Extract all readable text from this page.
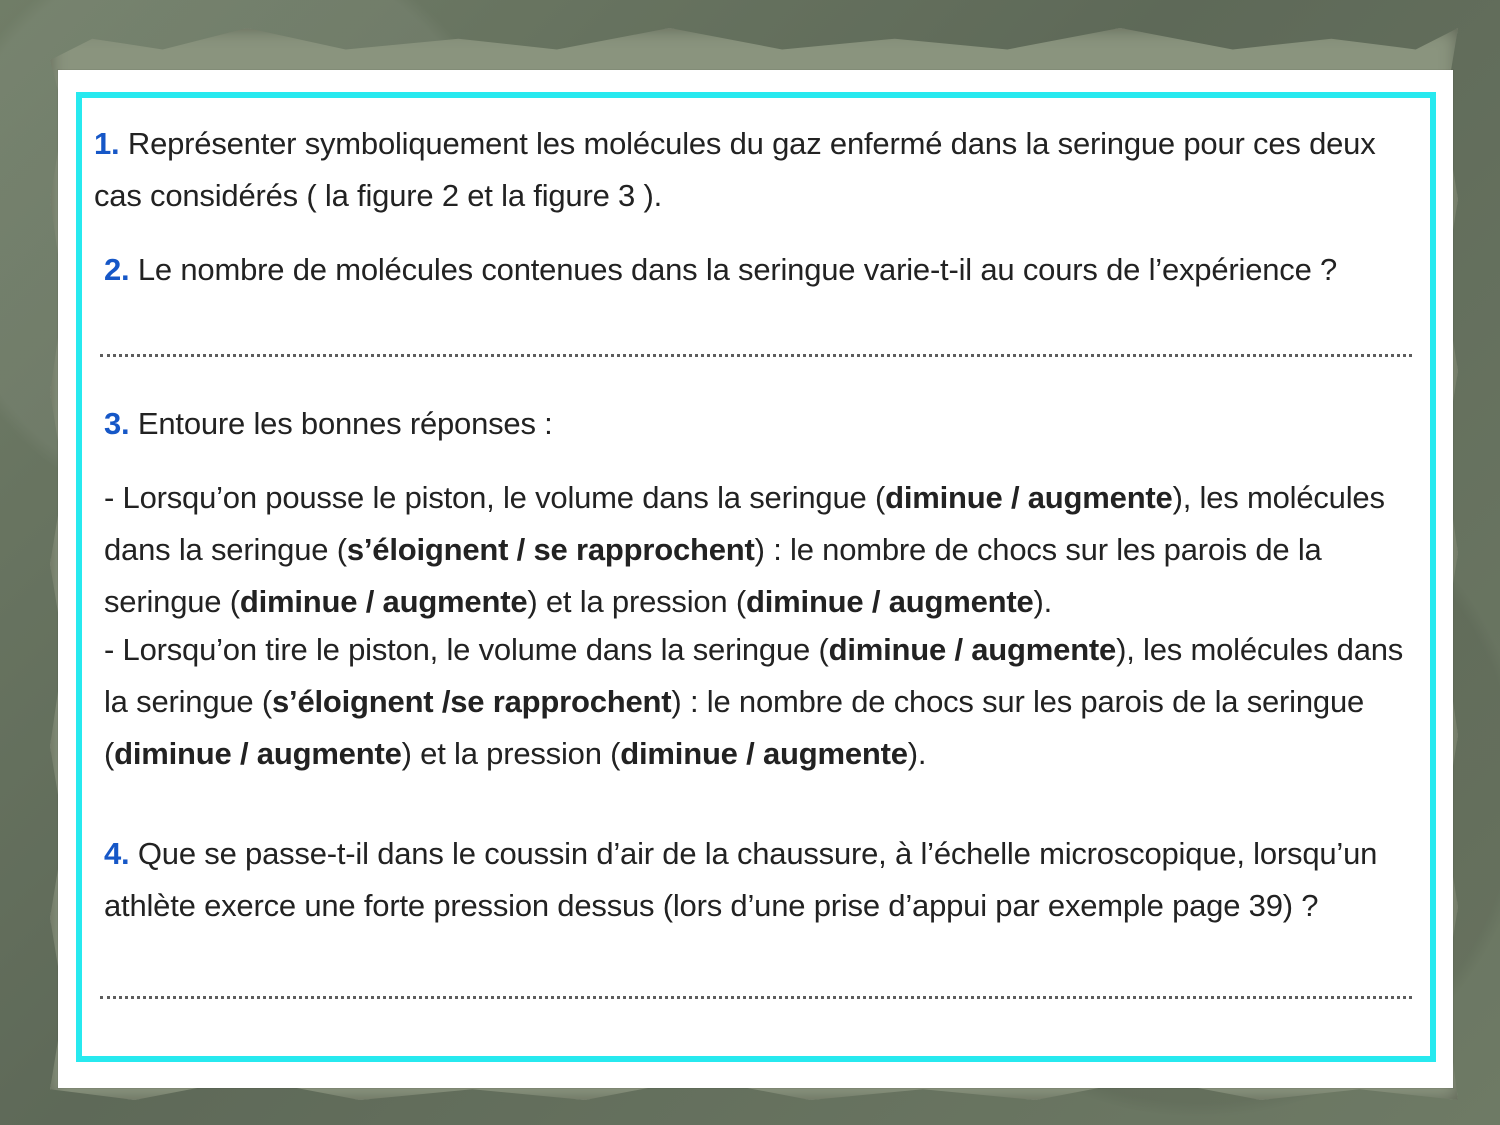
1. Représenter symboliquement les molécules du gaz enfermé dans la seringue pour ces deux
cas considérés ( la figure 2 et la figure 3 ).
2. Le nombre de molécules contenues dans la seringue varie-t-il au cours de l’expérience ?
3. Entoure les bonnes réponses :
- Lorsqu’on pousse le piston, le volume dans la seringue (diminue / augmente), les molécules dans la seringue (s’éloignent / se rapprochent) : le nombre de chocs sur les parois de la seringue (diminue / augmente) et la pression (diminue / augmente).
- Lorsqu’on tire le piston, le volume dans la seringue (diminue / augmente), les molécules dans la seringue (s’éloignent /se rapprochent) : le nombre de chocs sur les parois de la seringue (diminue / augmente) et la pression (diminue / augmente).
4. Que se passe-t-il dans le coussin d’air de la chaussure, à l’échelle microscopique, lorsqu’un athlète exerce une forte pression dessus (lors d’une prise d’appui par exemple page 39) ?
